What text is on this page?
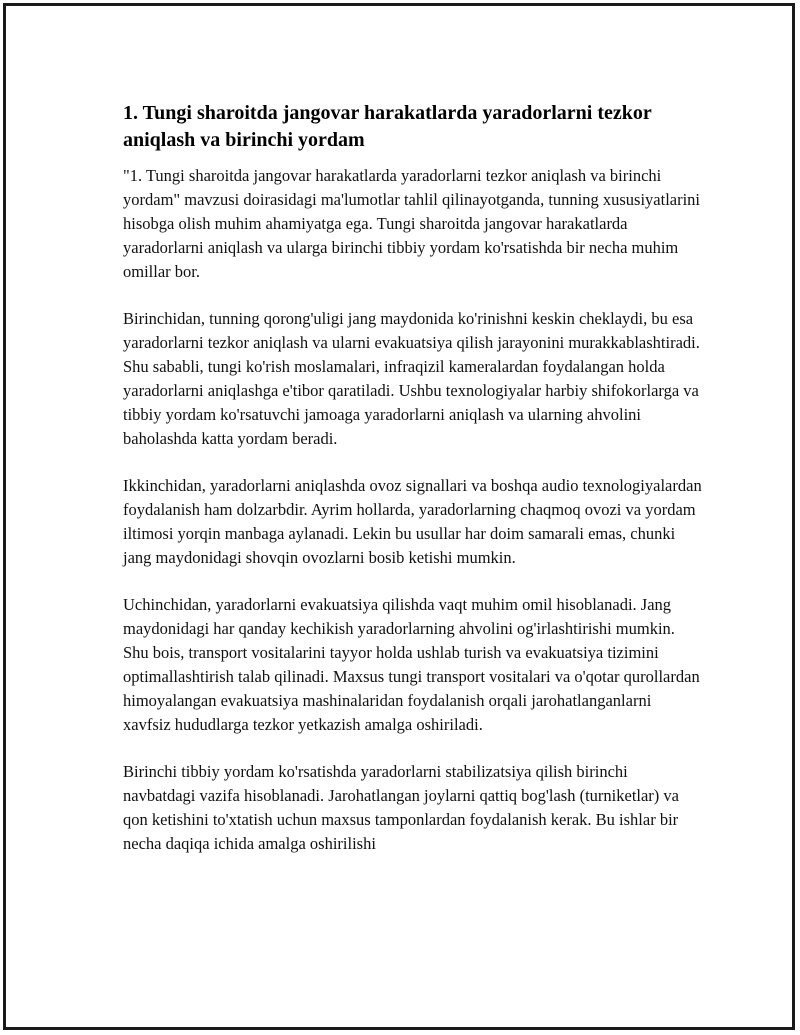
1. Tungi sharoitda jangovar harakatlarda yaradorlarni tezkor aniqlash va birinchi yordam

"1. Tungi sharoitda jangovar harakatlarda yaradorlarni tezkor aniqlash va birinchi yordam" mavzusi doirasidagi ma'lumotlar tahlil qilinayotganda, tunning xususiyatlarini hisobga olish muhim ahamiyatga ega. Tungi sharoitda jangovar harakatlarda yaradorlarni aniqlash va ularga birinchi tibbiy yordam ko'rsatishda bir necha muhim omillar bor.

Birinchidan, tunning qorong'uligi jang maydonida ko'rinishni keskin cheklaydi, bu esa yaradorlarni tezkor aniqlash va ularni evakuatsiya qilish jarayonini murakkablashtiradi. Shu sababli, tungi ko'rish moslamalari, infraqizil kameralardan foydalangan holda yaradorlarni aniqlashga e'tibor qaratiladi. Ushbu texnologiyalar harbiy shifokorlarga va tibbiy yordam ko'rsatuvchi jamoaga yaradorlarni aniqlash va ularning ahvolini baholashda katta yordam beradi.

Ikkinchidan, yaradorlarni aniqlashda ovoz signallari va boshqa audio texnologiyalardan foydalanish ham dolzarbdir. Ayrim hollarda, yaradorlarning chaqmoq ovozi va yordam iltimosi yorqin manbaga aylanadi. Lekin bu usullar har doim samarali emas, chunki jang maydonidagi shovqin ovozlarni bosib ketishi mumkin.

Uchinchidan, yaradorlarni evakuatsiya qilishda vaqt muhim omil hisoblanadi. Jang maydonidagi har qanday kechikish yaradorlarning ahvolini og'irlashtirishi mumkin. Shu bois, transport vositalarini tayyor holda ushlab turish va evakuatsiya tizimini optimallashtirish talab qilinadi. Maxsus tungi transport vositalari va o'qotar qurollardan himoyalangan evakuatsiya mashinalaridan foydalanish orqali jarohatlanganlarni xavfsiz hududlarga tezkor yetkazish amalga oshiriladi.

Birinchi tibbiy yordam ko'rsatishda yaradorlarni stabilizatsiya qilish birinchi navbatdagi vazifa hisoblanadi. Jarohatlangan joylarni qattiq bog'lash (turniketlar) va qon ketishini to'xtatish uchun maxsus tamponlardan foydalanish kerak. Bu ishlar bir necha daqiqa ichida amalga oshirilishi
